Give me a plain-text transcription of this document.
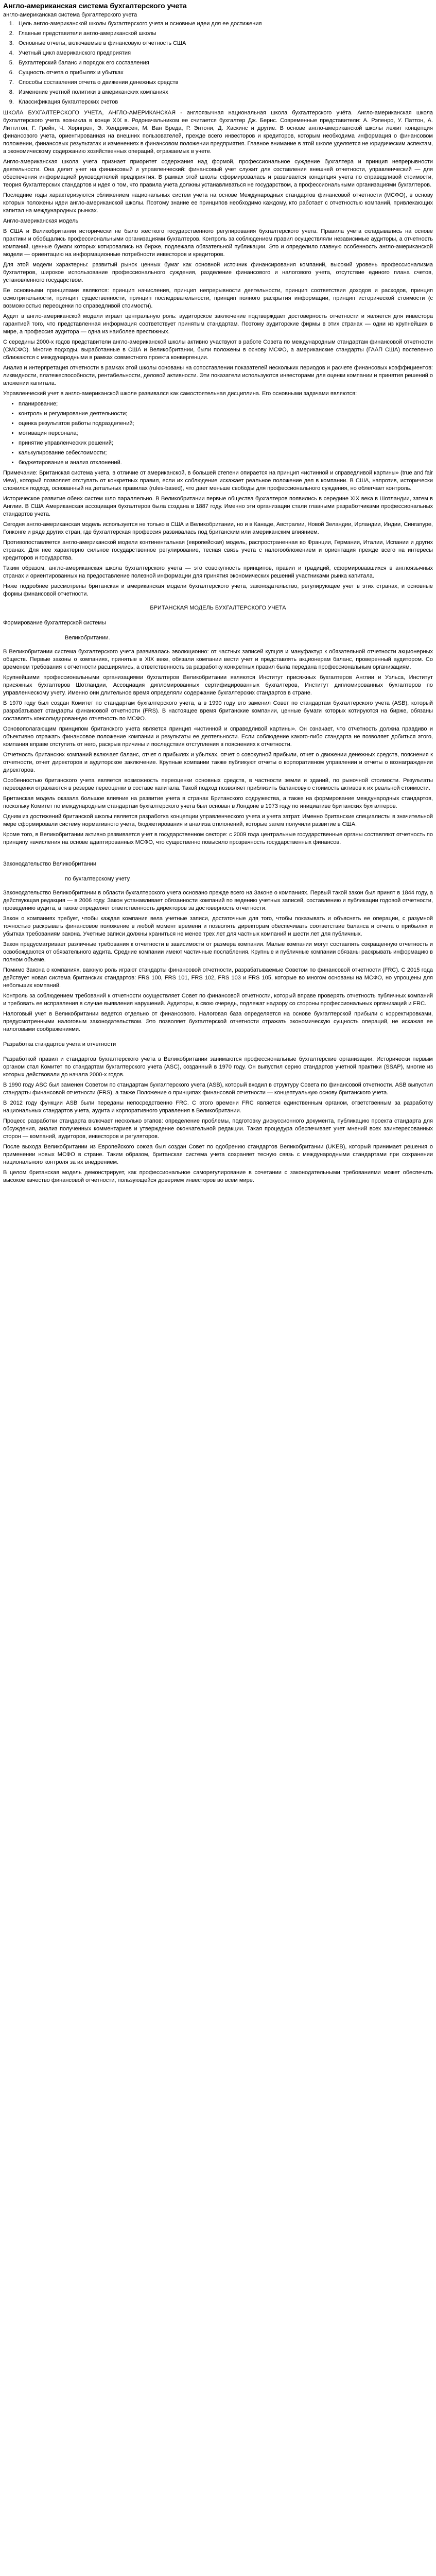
Англо-американская система бухгалтерского учета
англо-американская система бухгалтерского учета
1. Цель англо-американской школы бухгалтерского учета и основные идеи для ее достижения
2. Главные представители англо-американской школы
3. Основные отчеты, включаемые в финансовую отчетность США
4. Учетный цикл американского предприятия
5. Бухгалтерский баланс и порядок его составления
6. Сущность отчета о прибылях и убытках
7. Способы составления отчета о движении денежных средств
8. Изменение учетной политики в американских компаниях
9. Классификация бухгалтерских счетов

ШКОЛА БУХГАЛТЕРСКОГО УЧЕТА, АНГЛО-АМЕРИКАНСКАЯ - англоязычная национальная школа бухгалтерского учёта. Англо-американская школа бухгалтерского учета возникла в конце XIX в. Родоначальником ее считается бухгалтер Дж. Бернс. Современные представители: А. Рэпенро, У. Паттон, А. Литтлтон, Г. Грейн, Ч. Хорнгрен, Э. Хендриксен, М. Ван Бреда, Р. Энтони, Д. Хаскинс и другие. В основе англо-американской школы лежит концепция финансового учета, ориентированная на внешних пользователей, прежде всего инвесторов и кредиторов, которым необходима информация о финансовом положении, финансовых результатах и изменениях в финансовом положении предприятия. Главное внимание в этой школе уделяется не юридическим аспектам, а экономическому содержанию хозяйственных операций, отражаемых в учете.

Англо-американская школа учета признает приоритет содержания над формой, профессиональное суждение бухгалтера и принцип непрерывности деятельности. Она делит учет на финансовый и управленческий: финансовый учет служит для составления внешней отчетности, управленческий — для обеспечения информацией руководителей предприятия. В рамках этой школы сформировалась и развивается концепция учета по справедливой стоимости, теория бухгалтерских стандартов и идея о том, что правила учета должны устанавливаться не государством, а профессиональными организациями бухгалтеров.

Последние годы характеризуются сближением национальных систем учета на основе Международных стандартов финансовой отчетности (МСФО), в основу которых положены идеи англо-американской школы. Поэтому знание ее принципов необходимо каждому, кто работает с отчетностью компаний, привлекающих капитал на международных рынках.

Англо-американская модель

В США и Великобритании исторически не было жесткого государственного регулирования бухгалтерского учета. Правила учета складывались на основе практики и обобщались профессиональными организациями бухгалтеров. Контроль за соблюдением правил осуществляли независимые аудиторы, а отчетность компаний, ценные бумаги которых котировались на бирже, подлежала обязательной публикации. Это и определило главную особенность англо-американской модели — ориентацию на информационные потребности инвесторов и кредиторов.

Для этой модели характерны: развитый рынок ценных бумаг как основной источник финансирования компаний, высокий уровень профессионализма бухгалтеров, широкое использование профессионального суждения, разделение финансового и налогового учета, отсутствие единого плана счетов, установленного государством.

Ее основными принципами являются: принцип начисления, принцип непрерывности деятельности, принцип соответствия доходов и расходов, принцип осмотрительности, принцип существенности, принцип последовательности, принцип полного раскрытия информации, принцип исторической стоимости (с возможностью переоценки по справедливой стоимости).

Аудит в англо-американской модели играет центральную роль: аудиторское заключение подтверждает достоверность отчетности и является для инвестора гарантией того, что представленная информация соответствует принятым стандартам. Поэтому аудиторские фирмы в этих странах — одни из крупнейших в мире, а профессия аудитора — одна из наиболее престижных.

С середины 2000-х годов представители англо-американской школы активно участвуют в работе Совета по международным стандартам финансовой отчетности (СМСФО). Многие подходы, выработанные в США и Великобритании, были положены в основу МСФО, а американские стандарты (ГААП США) постепенно сближаются с международными в рамках совместного проекта конвергенции.

Анализ и интерпретация отчетности в рамках этой школы основаны на сопоставлении показателей нескольких периодов и расчете финансовых коэффициентов: ликвидности, платежеспособности, рентабельности, деловой активности. Эти показатели используются инвесторами для оценки компании и принятия решений о вложении капитала.

Управленческий учет в англо-американской школе развивался как самостоятельная дисциплина. Его основными задачами являются:

• планирование;
• контроль и регулирование деятельности;
• оценка результатов работы подразделений;
• мотивация персонала;
• принятие управленческих решений;
• калькулирование себестоимости;
• бюджетирование и анализ отклонений.

Примечание: Британская система учета, в отличие от американской, в большей степени опирается на принцип «истинной и справедливой картины» (true and fair view), который позволяет отступать от конкретных правил, если их соблюдение искажает реальное положение дел в компании. В США, напротив, исторически сложился подход, основанный на детальных правилах (rules-based), что дает меньше свободы для профессионального суждения, но облегчает контроль.

Историческое развитие обеих систем шло параллельно. В Великобритании первые общества бухгалтеров появились в середине XIX века в Шотландии, затем в Англии. В США Американская ассоциация бухгалтеров была создана в 1887 году. Именно эти организации стали главными разработчиками профессиональных стандартов учета.

Сегодня англо-американская модель используется не только в США и Великобритании, но и в Канаде, Австралии, Новой Зеландии, Ирландии, Индии, Сингапуре, Гонконге и ряде других стран, где бухгалтерская профессия развивалась под британским или американским влиянием.

Противопоставляется англо-американской модели континентальная (европейская) модель, распространенная во Франции, Германии, Италии, Испании и других странах. Для нее характерно сильное государственное регулирование, тесная связь учета с налогообложением и ориентация прежде всего на интересы кредиторов и государства.

Таким образом, англо-американская школа бухгалтерского учета — это совокупность принципов, правил и традиций, сформировавшихся в англоязычных странах и ориентированных на предоставление полезной информации для принятия экономических решений участниками рынка капитала.

Ниже подробнее рассмотрены британская и американская модели бухгалтерского учета, законодательство, регулирующее учет в этих странах, и основные формы финансовой отчетности.

БРИТАНСКАЯ МОДЕЛЬ БУХГАЛТЕРСКОГО УЧЕТА

Формирование бухгалтерской системы

Великобритании.

В Великобритании система бухгалтерского учета развивалась эволюционно: от частных записей купцов и мануфактур к обязательной отчетности акционерных обществ. Первые законы о компаниях, принятые в XIX веке, обязали компании вести учет и представлять акционерам баланс, проверенный аудитором. Со временем требования к отчетности расширялись, а ответственность за разработку конкретных правил была передана профессиональным организациям.

Крупнейшими профессиональными организациями бухгалтеров Великобритании являются Институт присяжных бухгалтеров Англии и Уэльса, Институт присяжных бухгалтеров Шотландии, Ассоциация дипломированных сертифицированных бухгалтеров, Институт дипломированных бухгалтеров по управленческому учету. Именно они длительное время определяли содержание бухгалтерских стандартов в стране.

В 1970 году был создан Комитет по стандартам бухгалтерского учета, а в 1990 году его заменил Совет по стандартам бухгалтерского учета (ASB), который разрабатывает стандарты финансовой отчетности (FRS). В настоящее время британские компании, ценные бумаги которых котируются на бирже, обязаны составлять консолидированную отчетность по МСФО.

Основополагающим принципом британского учета является принцип «истинной и справедливой картины». Он означает, что отчетность должна правдиво и объективно отражать финансовое положение компании и результаты ее деятельности. Если соблюдение какого-либо стандарта не позволяет добиться этого, компания вправе отступить от него, раскрыв причины и последствия отступления в пояснениях к отчетности.

Отчетность британских компаний включает баланс, отчет о прибылях и убытках, отчет о совокупной прибыли, отчет о движении денежных средств, пояснения к отчетности, отчет директоров и аудиторское заключение. Крупные компании также публикуют отчеты о корпоративном управлении и отчеты о вознаграждении директоров.

Особенностью британского учета является возможность переоценки основных средств, в частности земли и зданий, по рыночной стоимости. Результаты переоценки отражаются в резерве переоценки в составе капитала. Такой подход позволяет приблизить балансовую стоимость активов к их реальной стоимости.

Британская модель оказала большое влияние на развитие учета в странах Британского содружества, а также на формирование международных стандартов, поскольку Комитет по международным стандартам бухгалтерского учета был основан в Лондоне в 1973 году по инициативе британских бухгалтеров.

Одним из достижений британской школы является разработка концепции управленческого учета и учета затрат. Именно британские специалисты в значительной мере сформировали систему нормативного учета, бюджетирования и анализа отклонений, которые затем получили развитие в США.

Кроме того, в Великобритании активно развивается учет в государственном секторе: с 2009 года центральные государственные органы составляют отчетность по принципу начисления на основе адаптированных МСФО, что существенно повысило прозрачность государственных финансов.

Законодательство Великобритании

по бухгалтерскому учету.

Законодательство Великобритании в области бухгалтерского учета основано прежде всего на Законе о компаниях. Первый такой закон был принят в 1844 году, а действующая редакция — в 2006 году. Закон устанавливает обязанности компаний по ведению учетных записей, составлению и публикации годовой отчетности, проведению аудита, а также определяет ответственность директоров за достоверность отчетности.

Закон о компаниях требует, чтобы каждая компания вела учетные записи, достаточные для того, чтобы показывать и объяснять ее операции, с разумной точностью раскрывать финансовое положение в любой момент времени и позволять директорам обеспечивать соответствие баланса и отчета о прибылях и убытках требованиям закона. Учетные записи должны храниться не менее трех лет для частных компаний и шести лет для публичных.

Закон предусматривает различные требования к отчетности в зависимости от размера компании. Малые компании могут составлять сокращенную отчетность и освобождаются от обязательного аудита. Средние компании имеют частичные послабления. Крупные и публичные компании обязаны раскрывать информацию в полном объеме.

Помимо Закона о компаниях, важную роль играют стандарты финансовой отчетности, разрабатываемые Советом по финансовой отчетности (FRC). С 2015 года действует новая система британских стандартов: FRS 100, FRS 101, FRS 102, FRS 103 и FRS 105, которые во многом основаны на МСФО, но упрощены для небольших компаний.

Контроль за соблюдением требований к отчетности осуществляет Совет по финансовой отчетности, который вправе проверять отчетность публичных компаний и требовать ее исправления в случае выявления нарушений. Аудиторы, в свою очередь, подлежат надзору со стороны профессиональных организаций и FRC.

Налоговый учет в Великобритании ведется отдельно от финансового. Налоговая база определяется на основе бухгалтерской прибыли с корректировками, предусмотренными налоговым законодательством. Это позволяет бухгалтерской отчетности отражать экономическую сущность операций, не искажая ее налоговыми соображениями.

Разработка стандартов учета и отчетности

Разработкой правил и стандартов бухгалтерского учета в Великобритании занимаются профессиональные бухгалтерские организации. Исторически первым органом стал Комитет по стандартам бухгалтерского учета (ASC), созданный в 1970 году. Он выпустил серию стандартов учетной практики (SSAP), многие из которых действовали до начала 2000-х годов.

В 1990 году ASC был заменен Советом по стандартам бухгалтерского учета (ASB), который входил в структуру Совета по финансовой отчетности. ASB выпустил стандарты финансовой отчетности (FRS), а также Положение о принципах финансовой отчетности — концептуальную основу британского учета.

В 2012 году функции ASB были переданы непосредственно FRC. С этого времени FRC является единственным органом, ответственным за разработку национальных стандартов учета, аудита и корпоративного управления в Великобритании.

Процесс разработки стандарта включает несколько этапов: определение проблемы, подготовку дискуссионного документа, публикацию проекта стандарта для обсуждения, анализ полученных комментариев и утверждение окончательной редакции. Такая процедура обеспечивает учет мнений всех заинтересованных сторон — компаний, аудиторов, инвесторов и регуляторов.

После выхода Великобритании из Европейского союза был создан Совет по одобрению стандартов Великобритании (UKEB), который принимает решения о применении новых МСФО в стране. Таким образом, британская система учета сохраняет тесную связь с международными стандартами при сохранении национального контроля за их внедрением.

В целом британская модель демонстрирует, как профессиональное саморегулирование в сочетании с законодательными требованиями может обеспечить высокое качество финансовой отчетности, пользующейся доверием инвесторов во всем мире.
